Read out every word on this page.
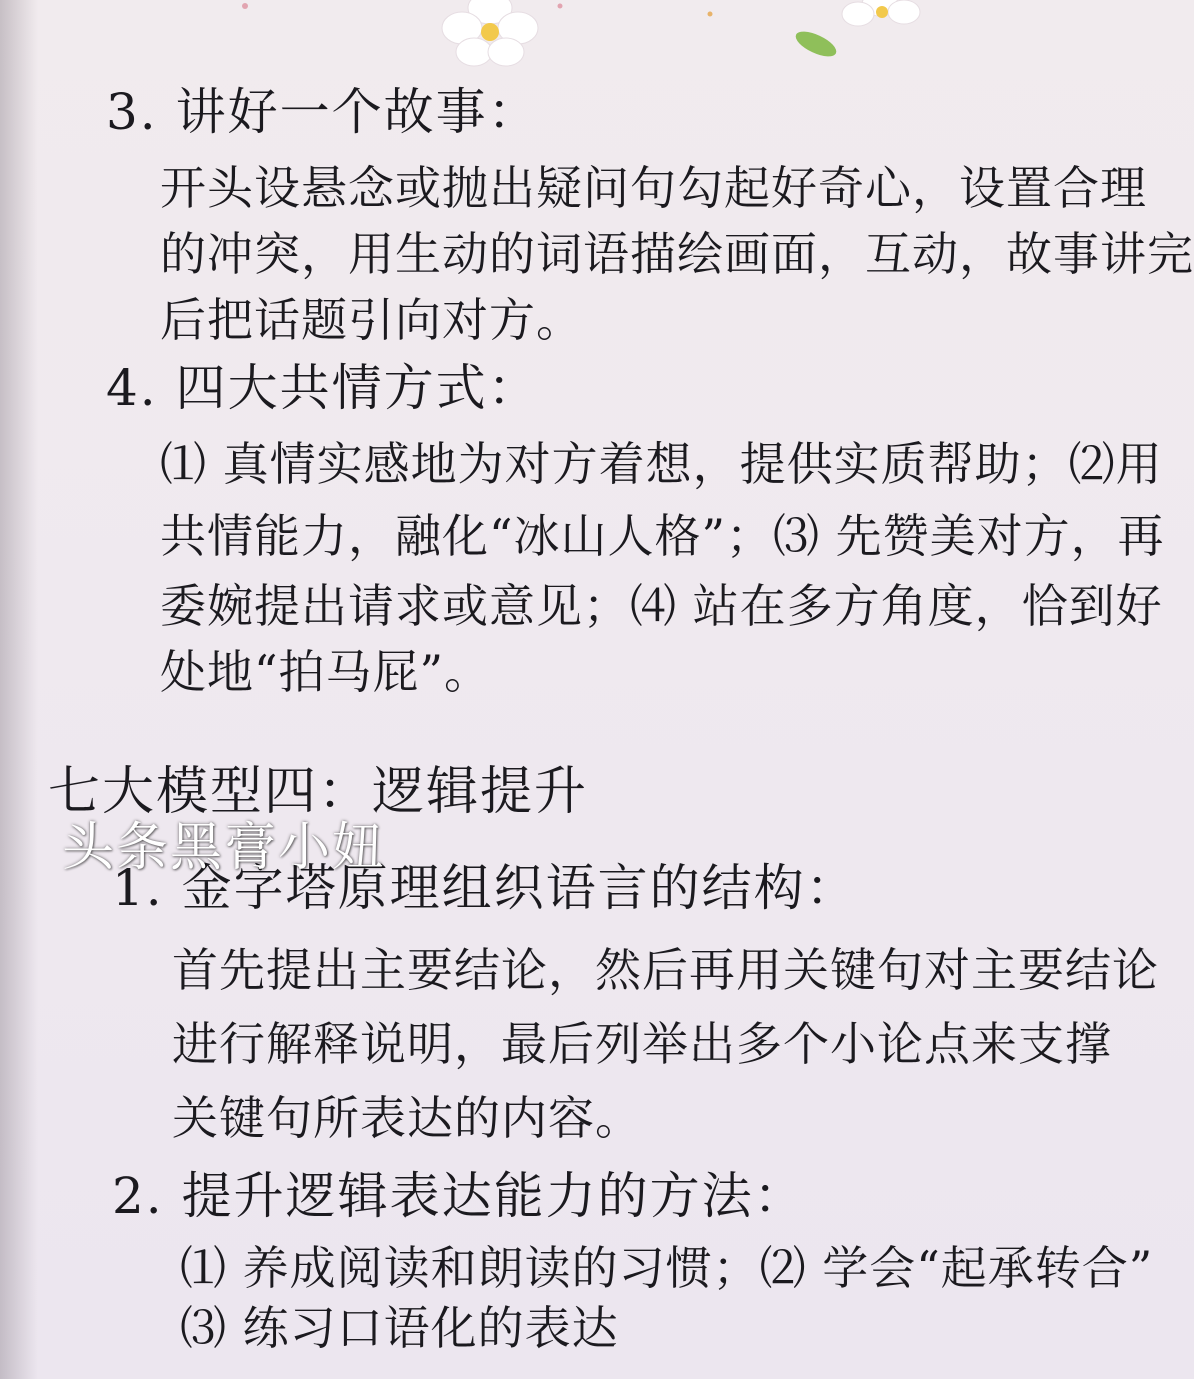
3. 讲好一个故事：
开头设悬念或抛出疑问句勾起好奇心，设置合理
的冲突，用生动的词语描绘画面，互动，故事讲完
后把话题引向对方。
4. 四大共情方式：
⑴ 真情实感地为对方着想，提供实质帮助；⑵用
共情能力，融化“冰山人格”；⑶ 先赞美对方，再
委婉提出请求或意见；⑷ 站在多方角度，恰到好
处地“拍马屁”。
七大模型四：逻辑提升
1. 金字塔原理组织语言的结构：
首先提出主要结论，然后再用关键句对主要结论
进行解释说明，最后列举出多个小论点来支撑
关键句所表达的内容。
2. 提升逻辑表达能力的方法：
⑴ 养成阅读和朗读的习惯；⑵ 学会“起承转合”
⑶ 练习口语化的表达
头条黑膏小妞
